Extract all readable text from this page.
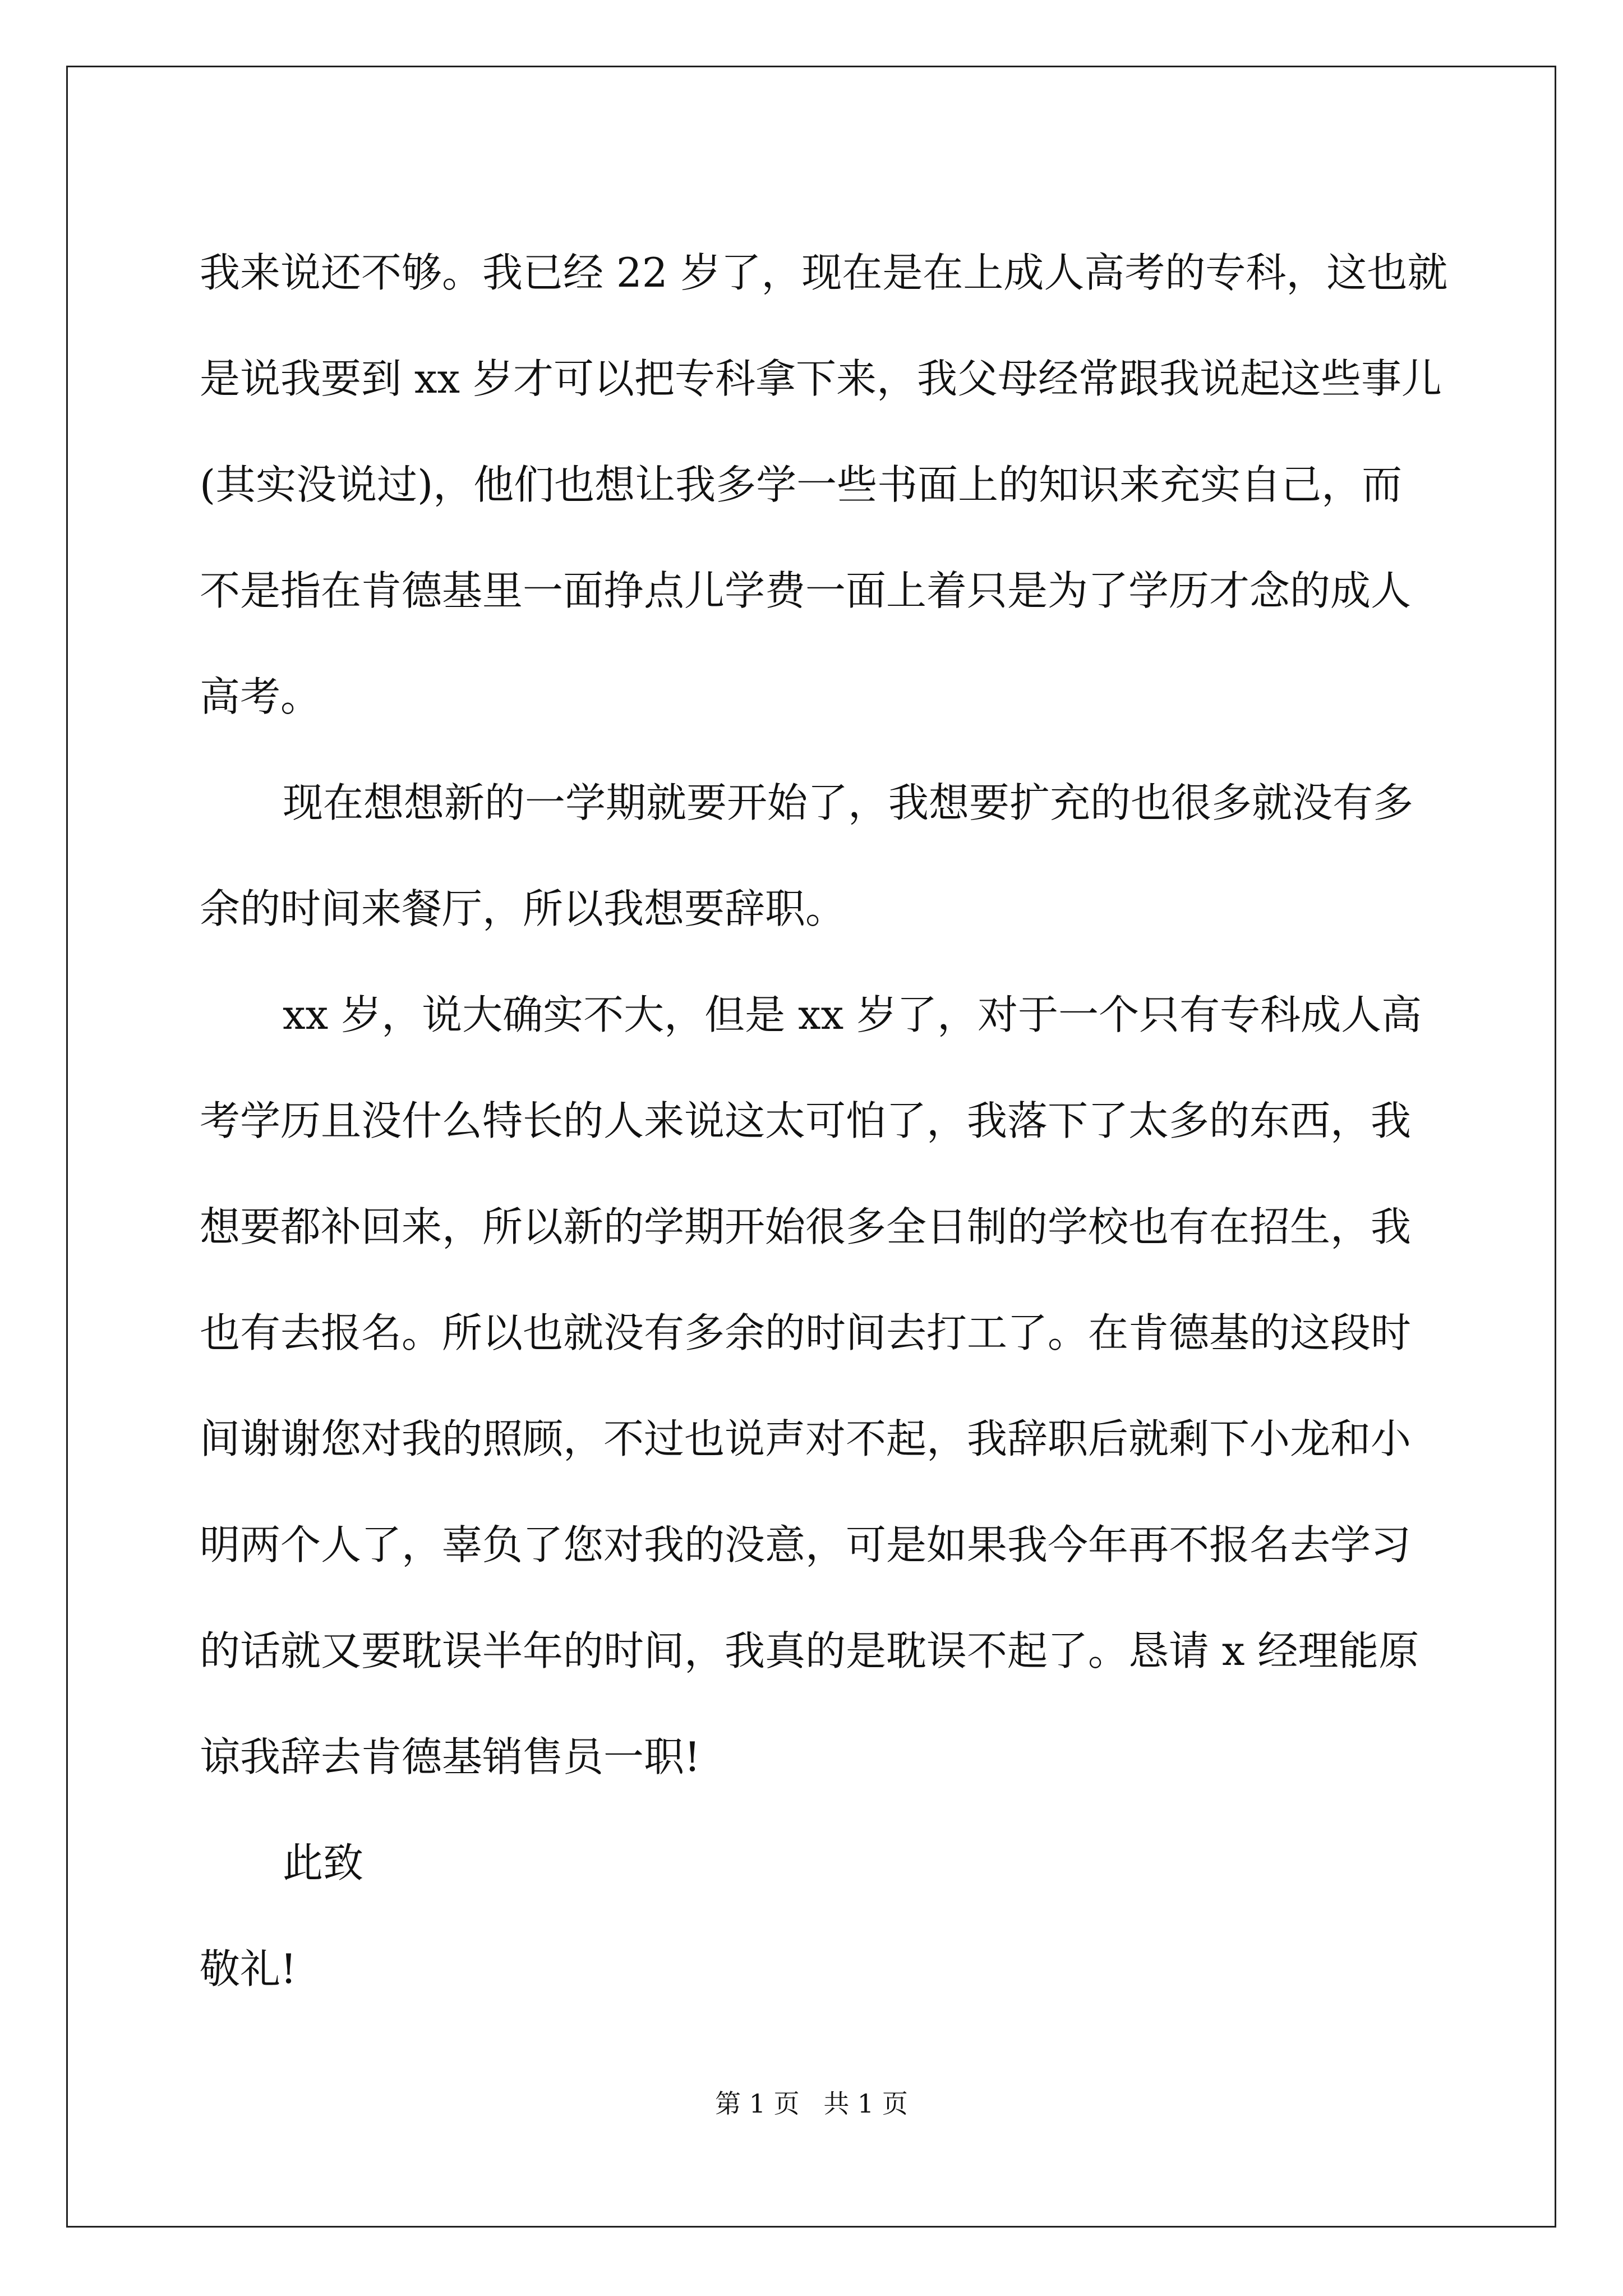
我来说还不够。我已经 22 岁了，现在是在上成人高考的专科，这也就
是说我要到 xx 岁才可以把专科拿下来，我父母经常跟我说起这些事儿
(其实没说过)，他们也想让我多学一些书面上的知识来充实自己，而
不是指在肯德基里一面挣点儿学费一面上着只是为了学历才念的成人
高考。
现在想想新的一学期就要开始了，我想要扩充的也很多就没有多
余的时间来餐厅，所以我想要辞职。
xx 岁，说大确实不大，但是 xx 岁了，对于一个只有专科成人高
考学历且没什么特长的人来说这太可怕了，我落下了太多的东西，我
想要都补回来，所以新的学期开始很多全日制的学校也有在招生，我
也有去报名。所以也就没有多余的时间去打工了。在肯德基的这段时
间谢谢您对我的照顾，不过也说声对不起，我辞职后就剩下小龙和小
明两个人了，辜负了您对我的没意，可是如果我今年再不报名去学习
的话就又要耽误半年的时间，我真的是耽误不起了。恳请 x 经理能原
谅我辞去肯德基销售员一职!
此致
敬礼!
第 1 页 共 1 页
